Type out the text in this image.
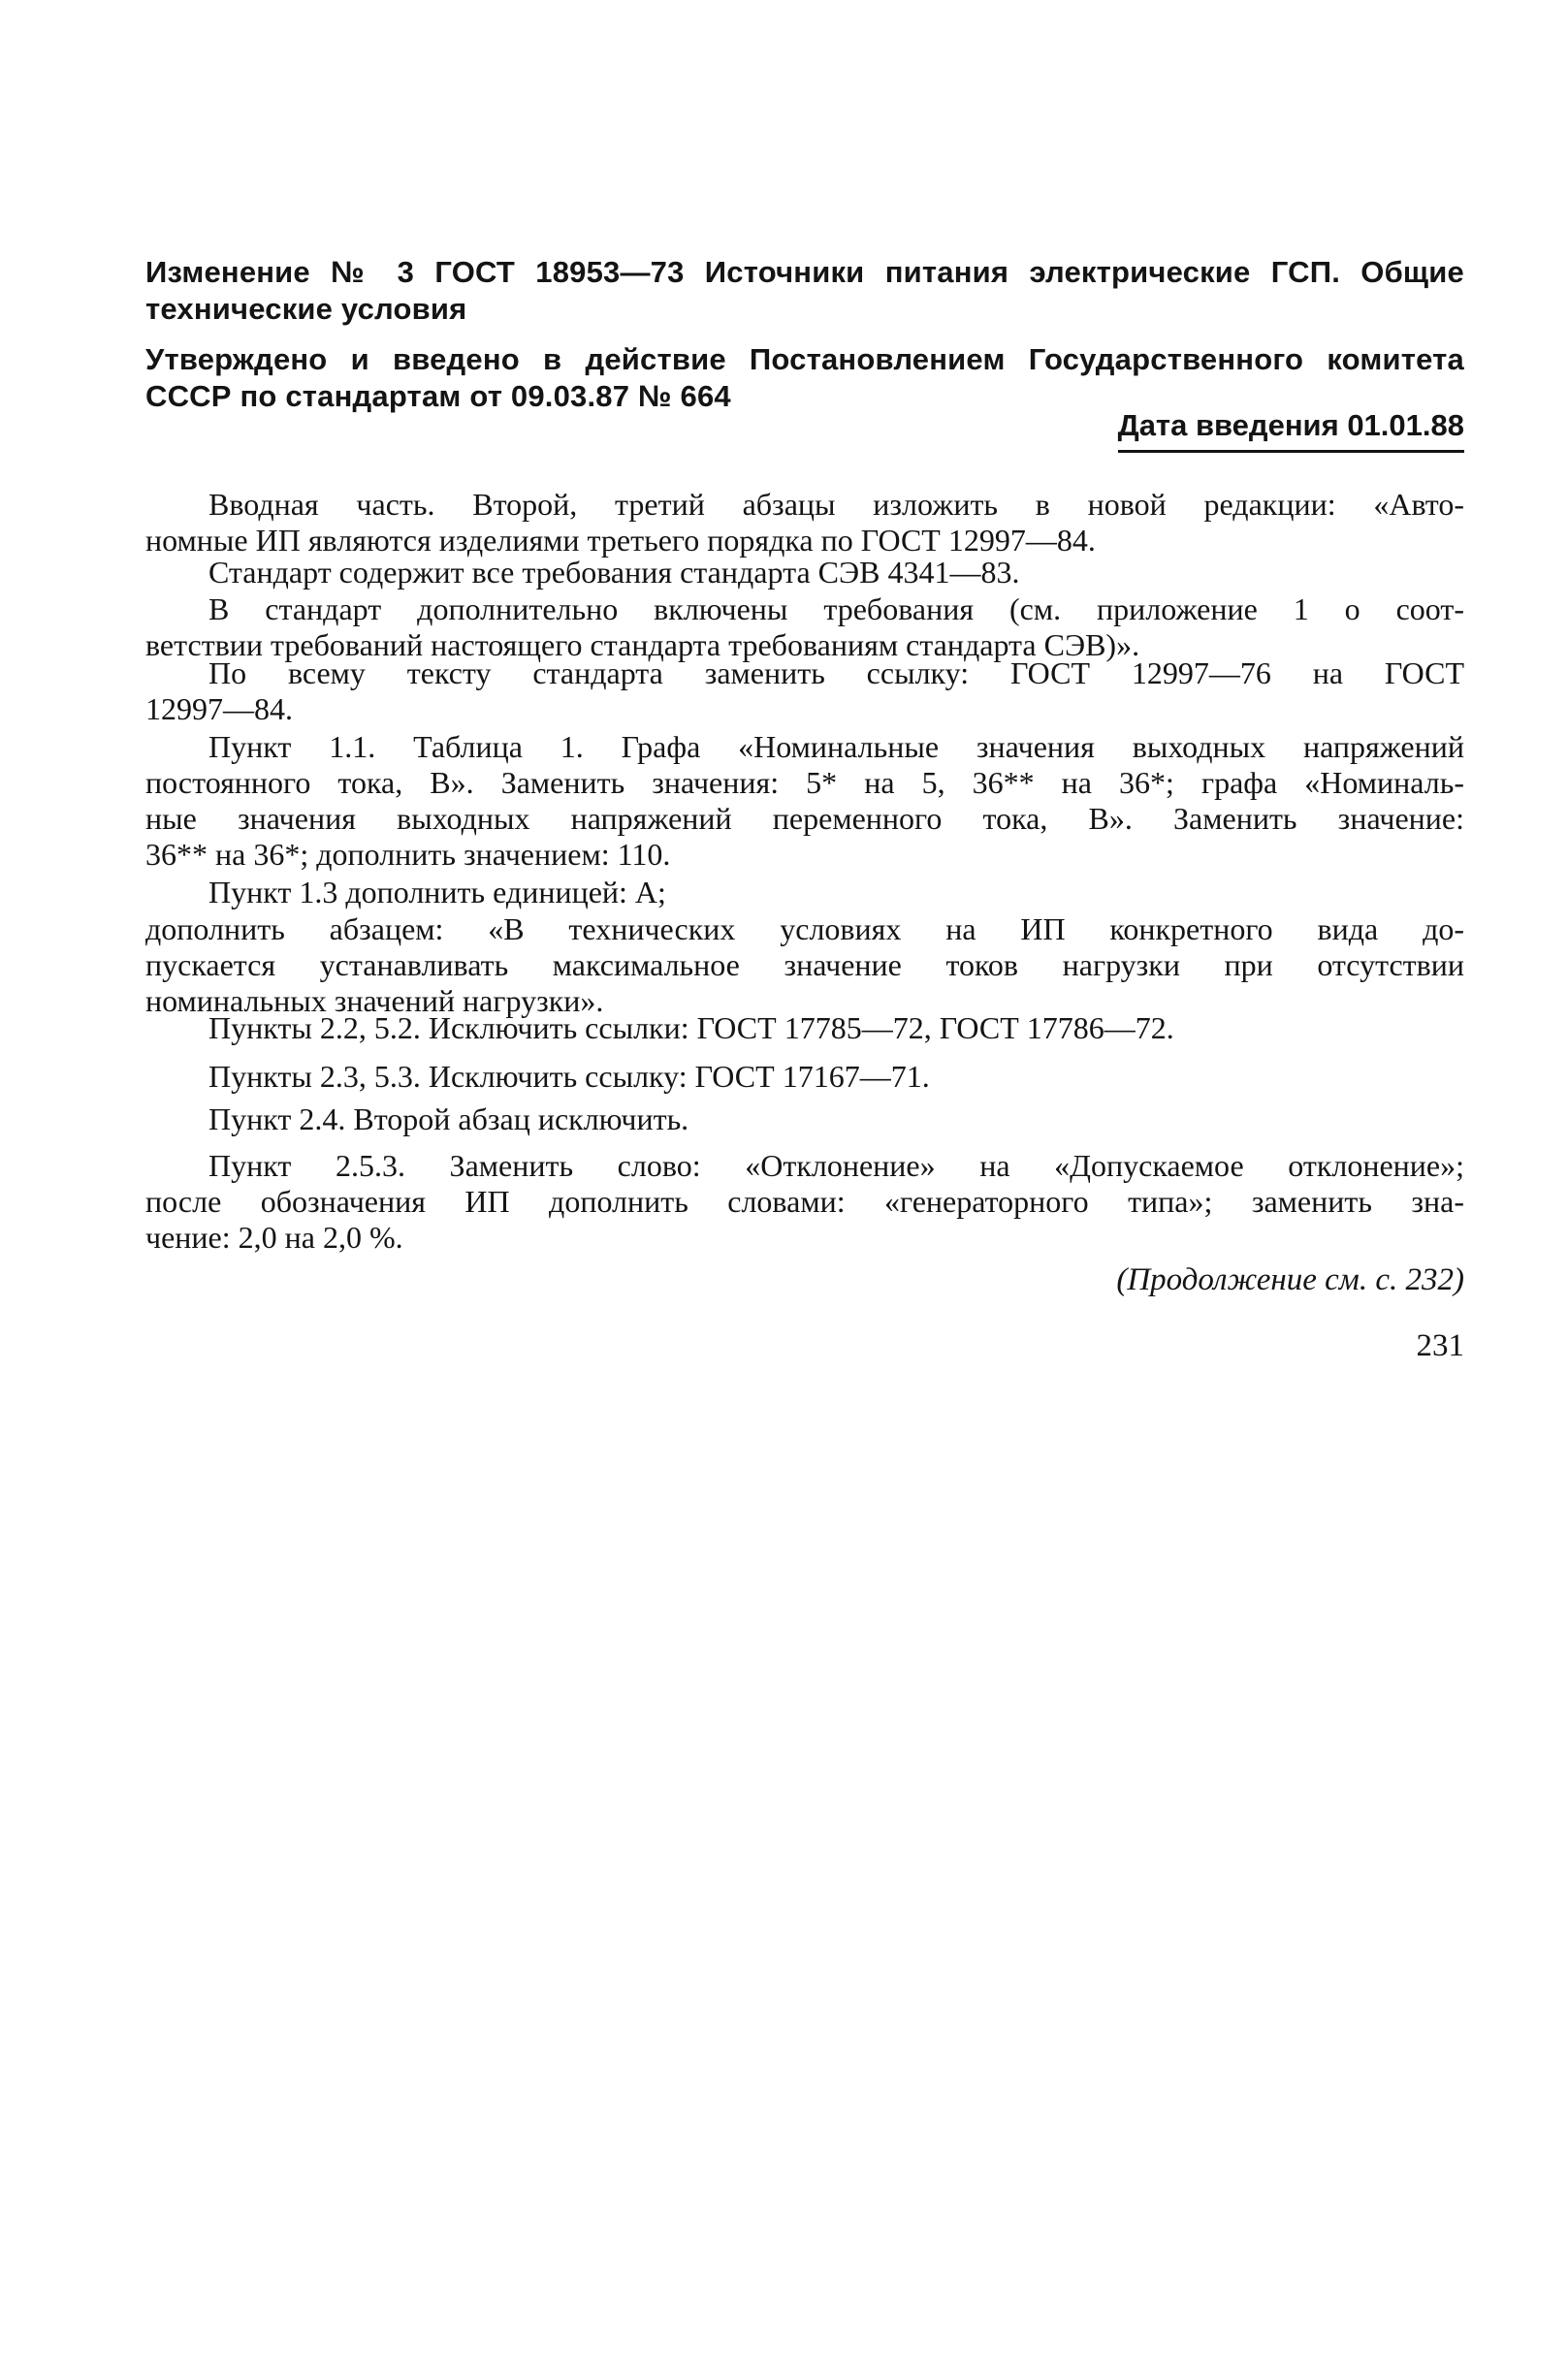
Изменение № 3 ГОСТ 18953—73 Источники питания электрические ГСП. Общие
технические условия
Утверждено и введено в действие Постановлением Государственного комитета
СССР по стандартам от 09.03.87 № 664
Дата введения 01.01.88
Вводная часть. Второй, третий абзацы изложить в новой редакции: «Авто-
номные ИП являются изделиями третьего порядка по ГОСТ 12997—84.
Стандарт содержит все требования стандарта СЭВ 4341—83.
В стандарт дополнительно включены требования (см. приложение 1 о соот-
ветствии требований настоящего стандарта требованиям стандарта СЭВ)».
По всему тексту стандарта заменить ссылку: ГОСТ 12997—76 на ГОСТ
12997—84.
Пункт 1.1. Таблица 1. Графа «Номинальные значения выходных напряжений
постоянного тока, В». Заменить значения: 5* на 5, 36** на 36*; графа «Номиналь-
ные значения выходных напряжений переменного тока, В». Заменить значение:
36** на 36*; дополнить значением: 110.
Пункт 1.3 дополнить единицей: А;
дополнить абзацем: «В технических условиях на ИП конкретного вида до-
пускается устанавливать максимальное значение токов нагрузки при отсутствии
номинальных значений нагрузки».
Пункты 2.2, 5.2. Исключить ссылки: ГОСТ 17785—72, ГОСТ 17786—72.
Пункты 2.3, 5.3. Исключить ссылку: ГОСТ 17167—71.
Пункт 2.4. Второй абзац исключить.
Пункт 2.5.3. Заменить слово: «Отклонение» на «Допускаемое отклонение»;
после обозначения ИП дополнить словами: «генераторного типа»; заменить зна-
чение: 2,0 на 2,0 %.
(Продолжение см. с. 232)
231
